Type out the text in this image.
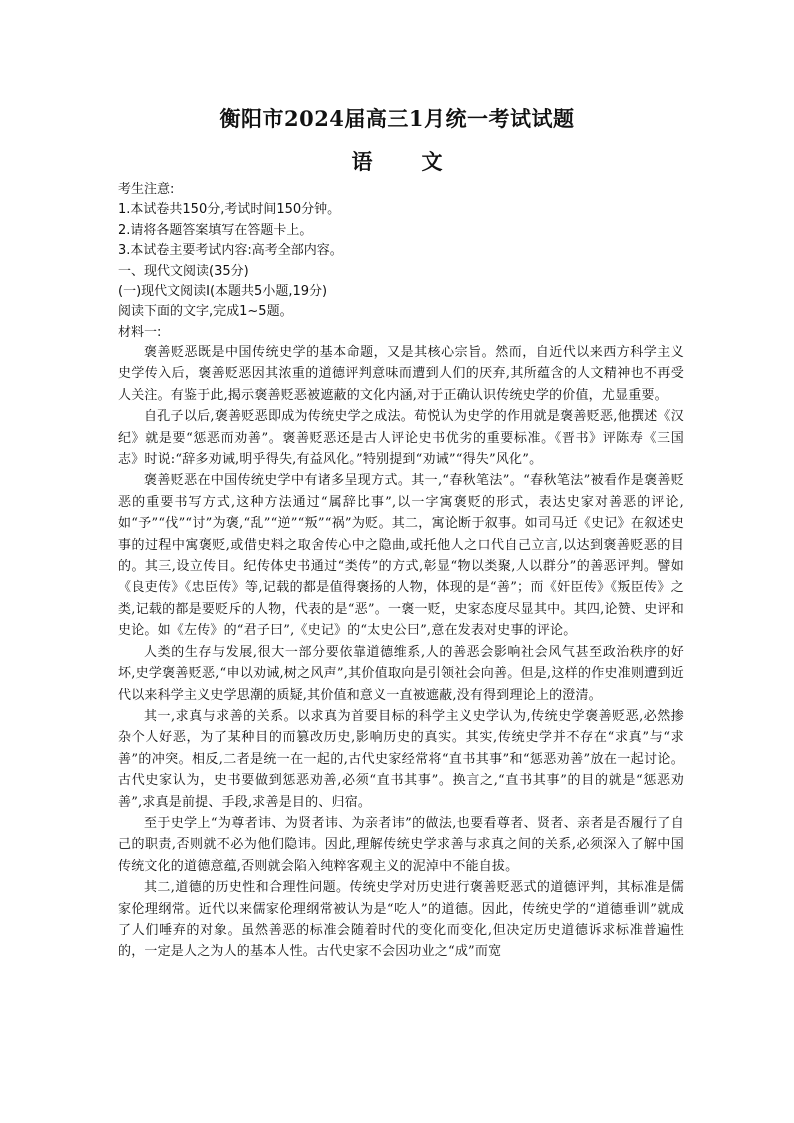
衡阳市2024届高三1月统一考试试题
语　文
考生注意:
1.本试卷共150分,考试时间150分钟。
2.请将各题答案填写在答题卡上。
3.本试卷主要考试内容:高考全部内容。
一、现代文阅读(35分)
(一)现代文阅读Ⅰ(本题共5小题,19分)
阅读下面的文字,完成1~5题。
材料一:

褒善贬恶既是中国传统史学的基本命题，又是其核心宗旨。然而，自近代以来西方科学主义史学传入后，褒善贬恶因其浓重的道德评判意味而遭到人们的厌弃,其所蕴含的人文精神也不再受人关注。有鉴于此,揭示褒善贬恶被遮蔽的文化内涵,对于正确认识传统史学的价值，尤显重要。

自孔子以后,褒善贬恶即成为传统史学之成法。荀悦认为史学的作用就是褒善贬恶,他撰述《汉纪》就是要“惩恶而劝善”。褒善贬恶还是古人评论史书优劣的重要标准。《晋书》评陈寿《三国志》时说:“辞多劝诫,明乎得失,有益风化。”特别提到“劝诫”“得失”风化”。

褒善贬恶在中国传统史学中有诸多呈现方式。其一,“春秋笔法”。“春秋笔法”被看作是褒善贬恶的重要书写方式,这种方法通过“属辞比事”,以一字寓褒贬的形式，表达史家对善恶的评论,如“予”“伐”“讨”为褒,“乱”“逆”“叛”“祸”为贬。其二，寓论断于叙事。如司马迁《史记》在叙述史事的过程中寓褒贬,或借史料之取舍传心中之隐曲,或托他人之口代自己立言,以达到褒善贬恶的目的。其三,设立传目。纪传体史书通过“类传”的方式,彰显“物以类聚,人以群分”的善恶评判。譬如《良吏传》《忠臣传》等,记载的都是值得褒扬的人物，体现的是“善”；而《奸臣传》《叛臣传》之类,记载的都是要贬斥的人物，代表的是“恶”。一褒一贬，史家态度尽显其中。其四,论赞、史评和史论。如《左传》的“君子曰”,《史记》的“太史公曰”,意在发表对史事的评论。

人类的生存与发展,很大一部分要依靠道德维系,人的善恶会影响社会风气甚至政治秩序的好坏,史学褒善贬恶,“申以劝诫,树之风声”,其价值取向是引领社会向善。但是,这样的作史准则遭到近代以来科学主义史学思潮的质疑,其价值和意义一直被遮蔽,没有得到理论上的澄清。

其一,求真与求善的关系。以求真为首要目标的科学主义史学认为,传统史学褒善贬恶,必然掺杂个人好恶，为了某种目的而篡改历史,影响历史的真实。其实,传统史学并不存在“求真”与“求善”的冲突。相反,二者是统一在一起的,古代史家经常将“直书其事”和“惩恶劝善”放在一起讨论。古代史家认为，史书要做到惩恶劝善,必须“直书其事”。换言之,“直书其事”的目的就是“惩恶劝善”,求真是前提、手段,求善是目的、归宿。

至于史学上“为尊者讳、为贤者讳、为亲者讳”的做法,也要看尊者、贤者、亲者是否履行了自己的职责,否则就不必为他们隐讳。因此,理解传统史学求善与求真之间的关系,必须深入了解中国传统文化的道德意蕴,否则就会陷入纯粹客观主义的泥淖中不能自拔。

其二,道德的历史性和合理性问题。传统史学对历史进行褒善贬恶式的道德评判，其标准是儒家伦理纲常。近代以来儒家伦理纲常被认为是“吃人”的道德。因此，传统史学的“道德垂训”就成了人们唾弃的对象。虽然善恶的标准会随着时代的变化而变化,但决定历史道德诉求标准普遍性的，一定是人之为人的基本人性。古代史家不会因功业之“成”而宽
